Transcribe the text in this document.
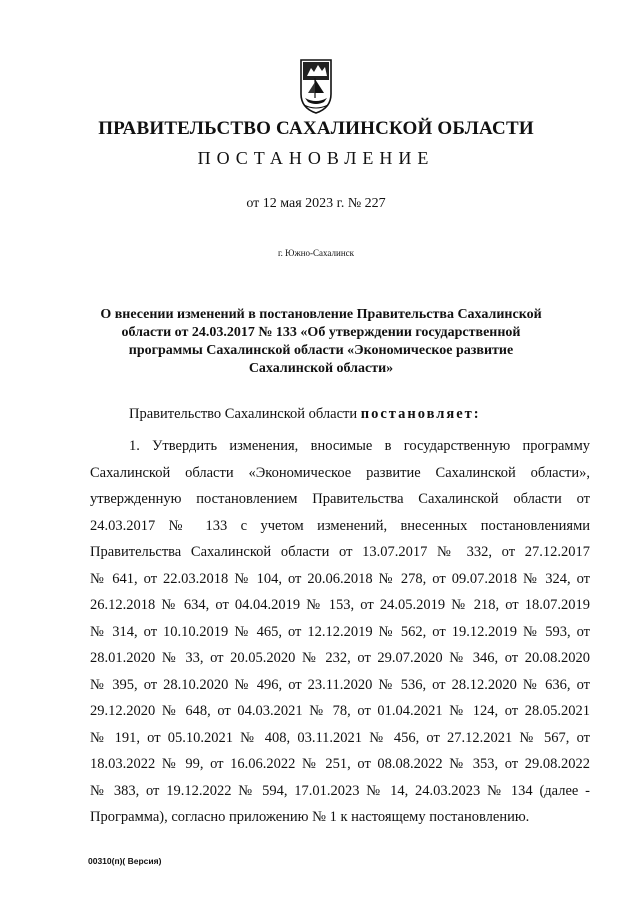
ПРАВИТЕЛЬСТВО САХАЛИНСКОЙ ОБЛАСТИ
ПОСТАНОВЛЕНИЕ
от 12 мая 2023 г. № 227
г. Южно-Сахалинск
О внесении изменений в постановление Правительства Сахалинской
области от 24.03.2017 № 133 «Об утверждении государственной
программы Сахалинской области «Экономическое развитие
Сахалинской области»
Правительство Сахалинской области постановляет:
1. Утвердить изменения, вносимые в государственную программу
Сахалинской области «Экономическое развитие Сахалинской области»,
утвержденную постановлением Правительства Сахалинской области от
24.03.2017 № 133 с учетом изменений, внесенных постановлениями
Правительства Сахалинской области от 13.07.2017 № 332, от 27.12.2017
№ 641, от 22.03.2018 № 104, от 20.06.2018 № 278, от 09.07.2018 № 324, от
26.12.2018 № 634, от 04.04.2019 № 153, от 24.05.2019 № 218, от 18.07.2019
№ 314, от 10.10.2019 № 465, от 12.12.2019 № 562, от 19.12.2019 № 593, от
28.01.2020 № 33, от 20.05.2020 № 232, от 29.07.2020 № 346, от 20.08.2020
№ 395, от 28.10.2020 № 496, от 23.11.2020 № 536, от 28.12.2020 № 636, от
29.12.2020 № 648, от 04.03.2021 № 78, от 01.04.2021 № 124, от 28.05.2021
№ 191, от 05.10.2021 № 408, 03.11.2021 № 456, от 27.12.2021 № 567, от
18.03.2022 № 99, от 16.06.2022 № 251, от 08.08.2022 № 353, от 29.08.2022
№ 383, от 19.12.2022 № 594, 17.01.2023 № 14, 24.03.2023 № 134 (далее -
Программа), согласно приложению № 1 к настоящему постановлению.
00310(п)( Версия)
